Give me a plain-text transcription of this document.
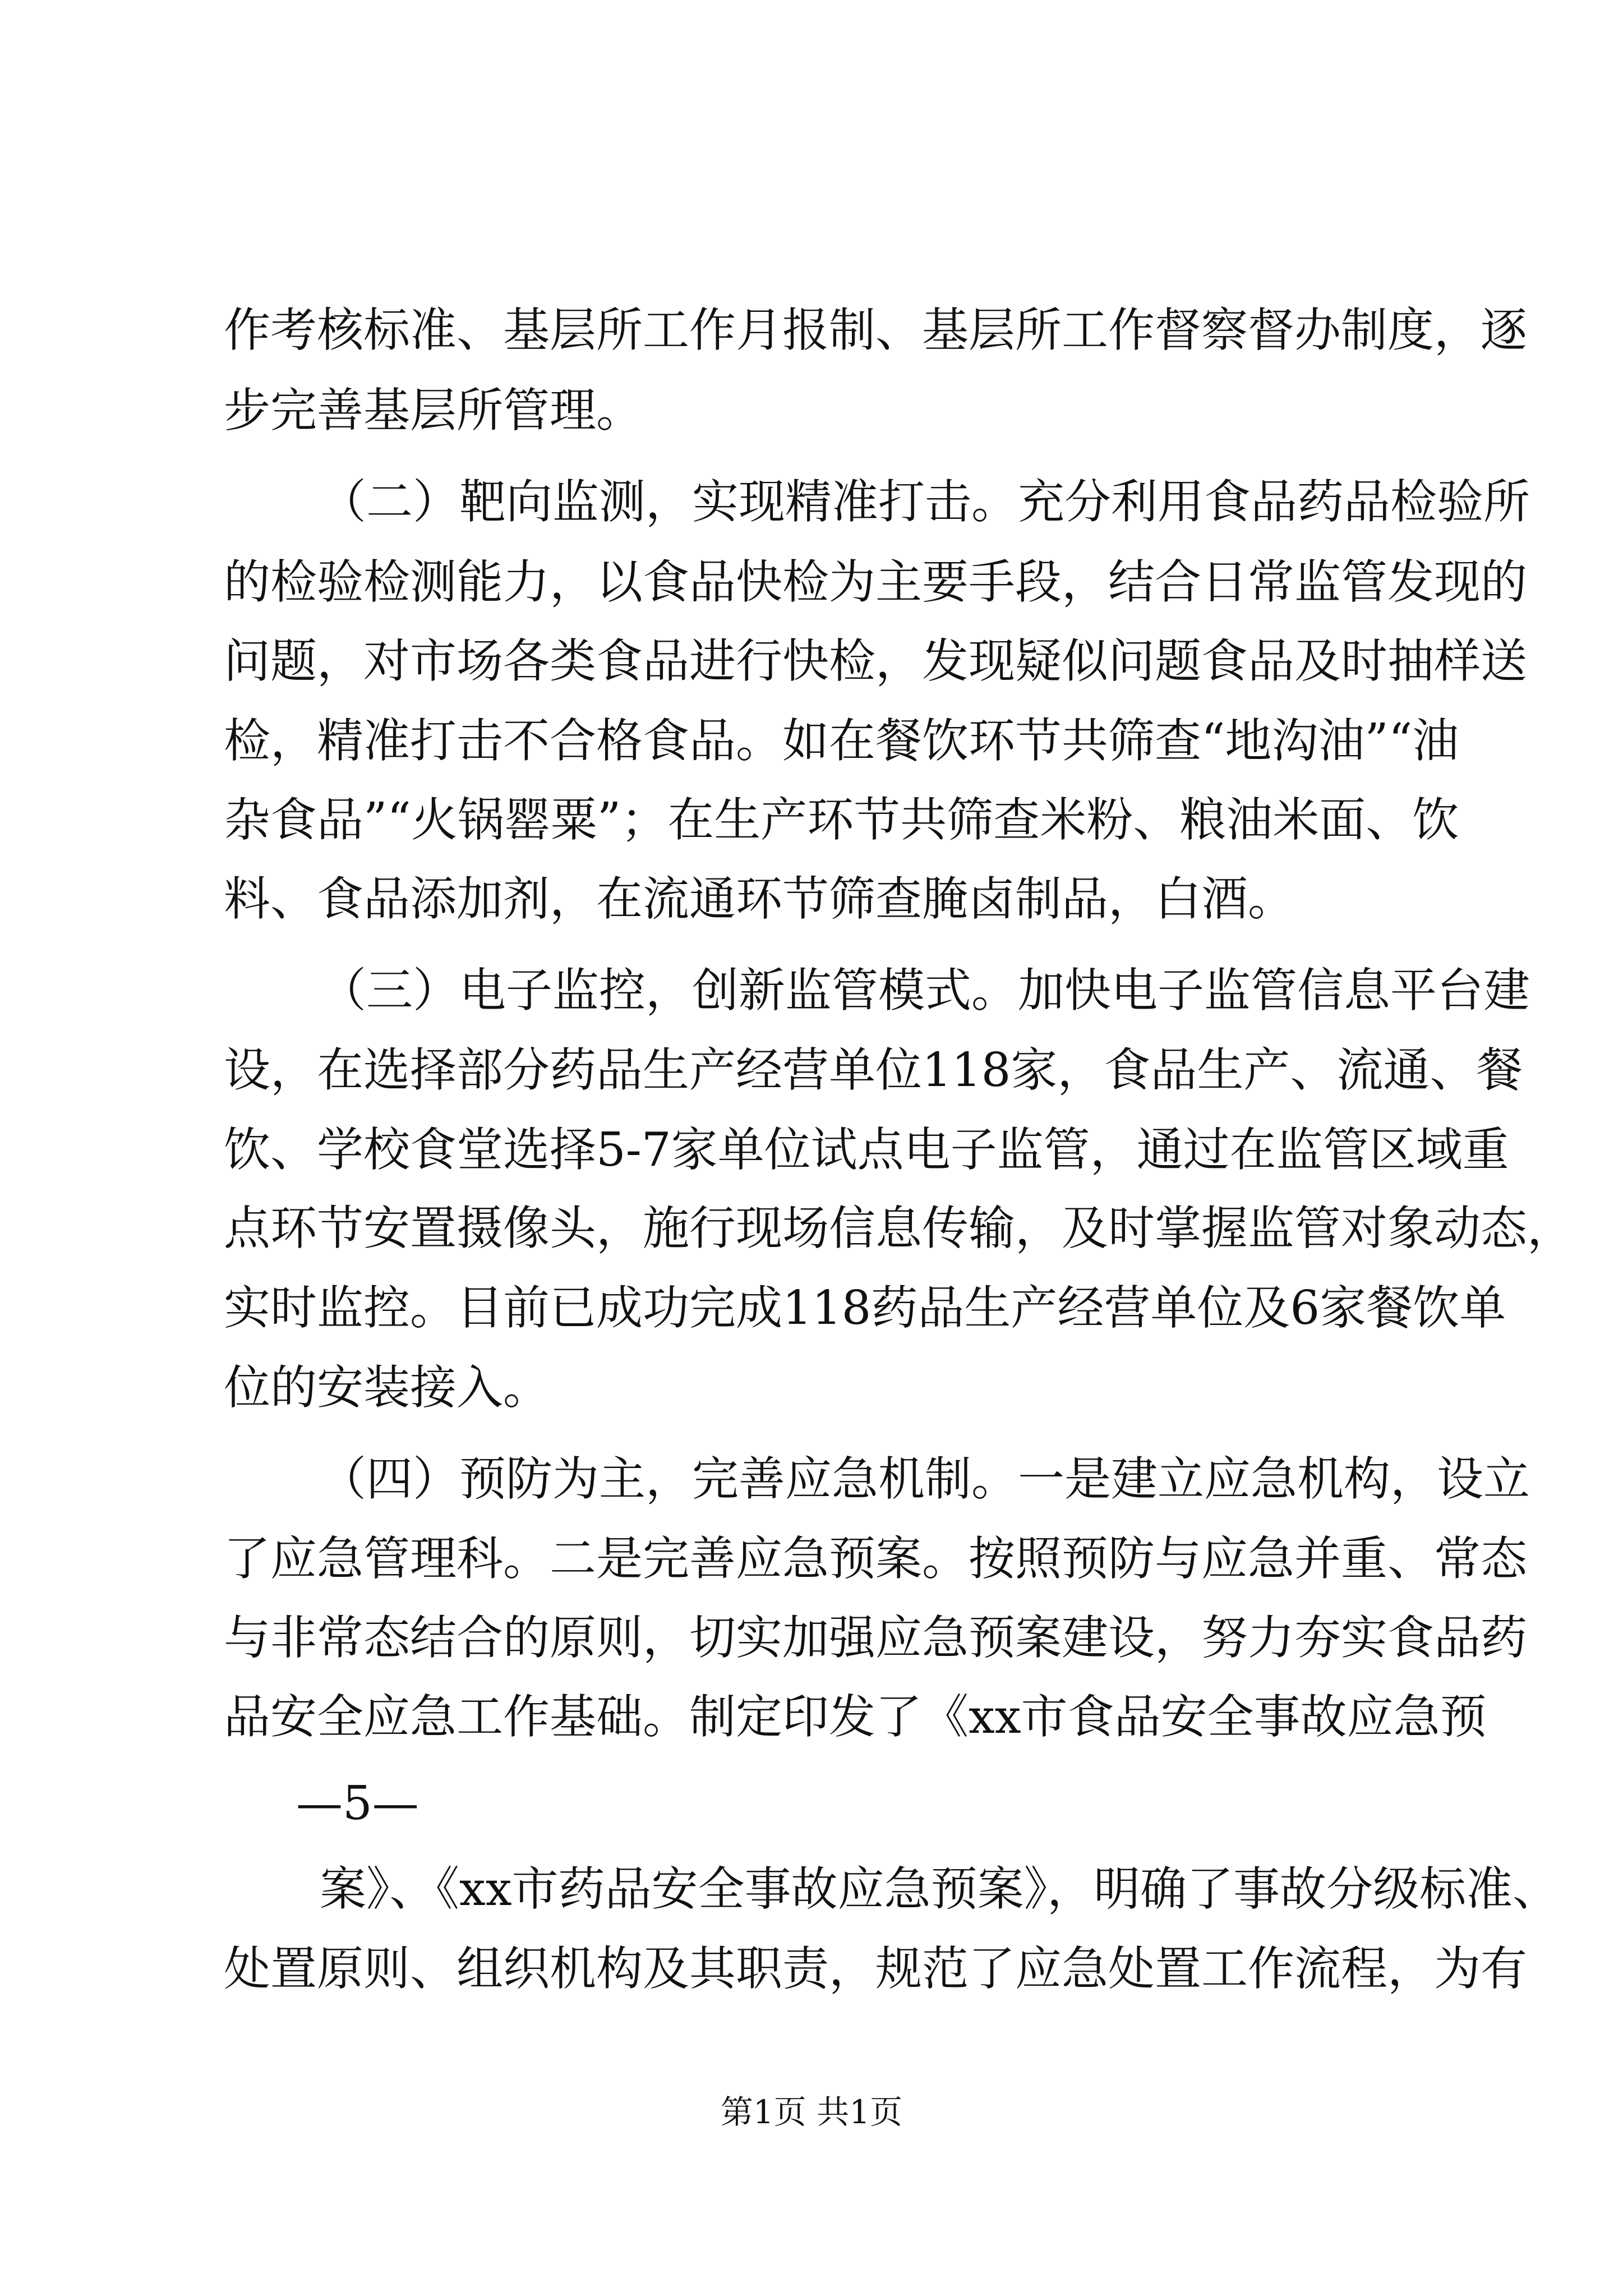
作考核标准、基层所工作月报制、基层所工作督察督办制度，逐
步完善基层所管理。
（二）靶向监测，实现精准打击。充分利用食品药品检验所
的检验检测能力，以食品快检为主要手段，结合日常监管发现的
问题，对市场各类食品进行快检，发现疑似问题食品及时抽样送
检，精准打击不合格食品。如在餐饮环节共筛查“地沟油”“油
杂食品”“火锅罂粟”；在生产环节共筛查米粉、粮油米面、饮
料、食品添加剂，在流通环节筛查腌卤制品，白酒。
（三）电子监控，创新监管模式。加快电子监管信息平台建
设，在选择部分药品生产经营单位118家，食品生产、流通、餐
饮、学校食堂选择5-7家单位试点电子监管，通过在监管区域重
点环节安置摄像头，施行现场信息传输，及时掌握监管对象动态，
实时监控。目前已成功完成118药品生产经营单位及6家餐饮单
位的安装接入。
（四）预防为主，完善应急机制。一是建立应急机构，设立
了应急管理科。二是完善应急预案。按照预防与应急并重、常态
与非常态结合的原则，切实加强应急预案建设，努力夯实食品药
品安全应急工作基础。制定印发了《xx市食品安全事故应急预
—5—
案》、《xx市药品安全事故应急预案》，明确了事故分级标准、
处置原则、组织机构及其职责，规范了应急处置工作流程，为有
第1页 共1页
